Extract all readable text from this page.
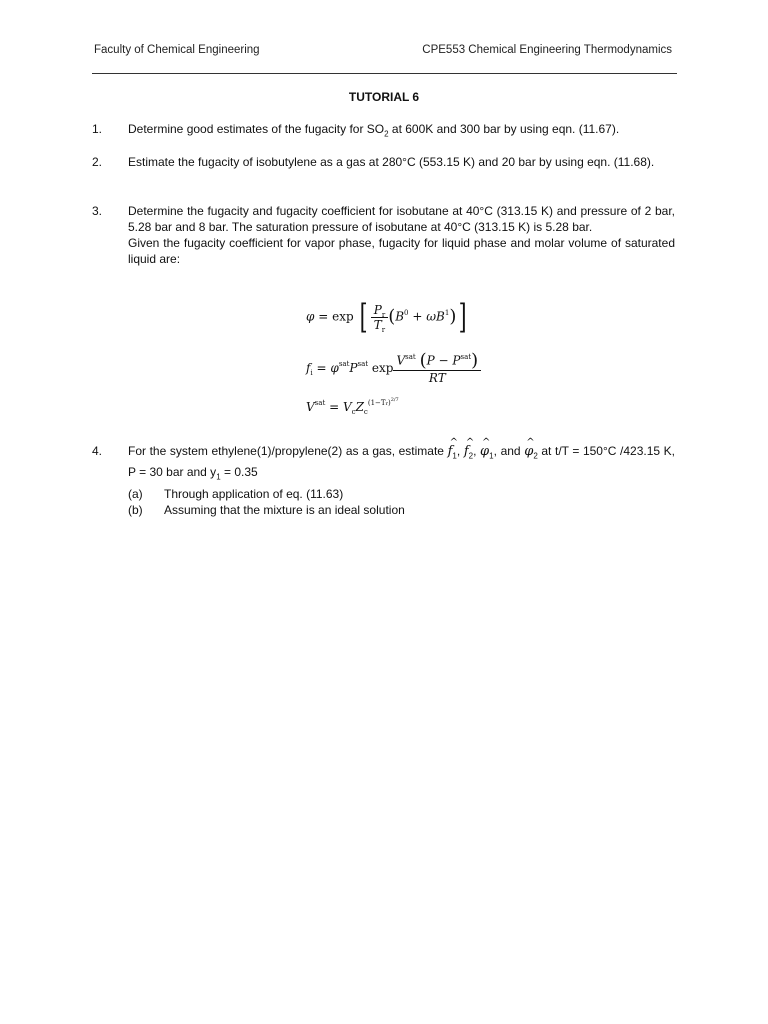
Faculty of Chemical Engineering	CPE553 Chemical Engineering Thermodynamics
TUTORIAL 6
1.	Determine good estimates of the fugacity for $SO_2$ at 600K and 300 bar by using eqn. (11.67).
2.	Estimate the fugacity of isobutylene as a gas at 280°C (553.15 K) and 20 bar by using eqn. (11.68).
3.	Determine the fugacity and fugacity coefficient for isobutane at 40°C (313.15 K) and pressure of 2 bar, 5.28 bar and 8 bar. The saturation pressure of isobutane at 40°C (313.15 K) is 5.28 bar.

Given the fugacity coefficient for vapor phase, fugacity for liquid phase and molar volume of saturated liquid are:

φ = exp [ $\frac{P_r}{T_r} (B^0 + \omega B^1)$]
$f_i = \varphi^{sat}P^{sat}$ $\exp \frac{V^{sat} (P - P^{sat})}{RT}$
$V^{sat} = V_cZ_c^{(1-Tr)2/7}$
4.	For the system ethylene(1)/propylene(2) as a gas, estimate ^ $f_1$, ^ $f_2$, ^ $\varphi_1$, and ^ $\varphi_2$ at t/T = 150°C /423.15 K, P = 30 bar and $y_1 = 0.35$
(a) Through application of eq. (11.63)
(b) Assuming that the mixture is an ideal solution
